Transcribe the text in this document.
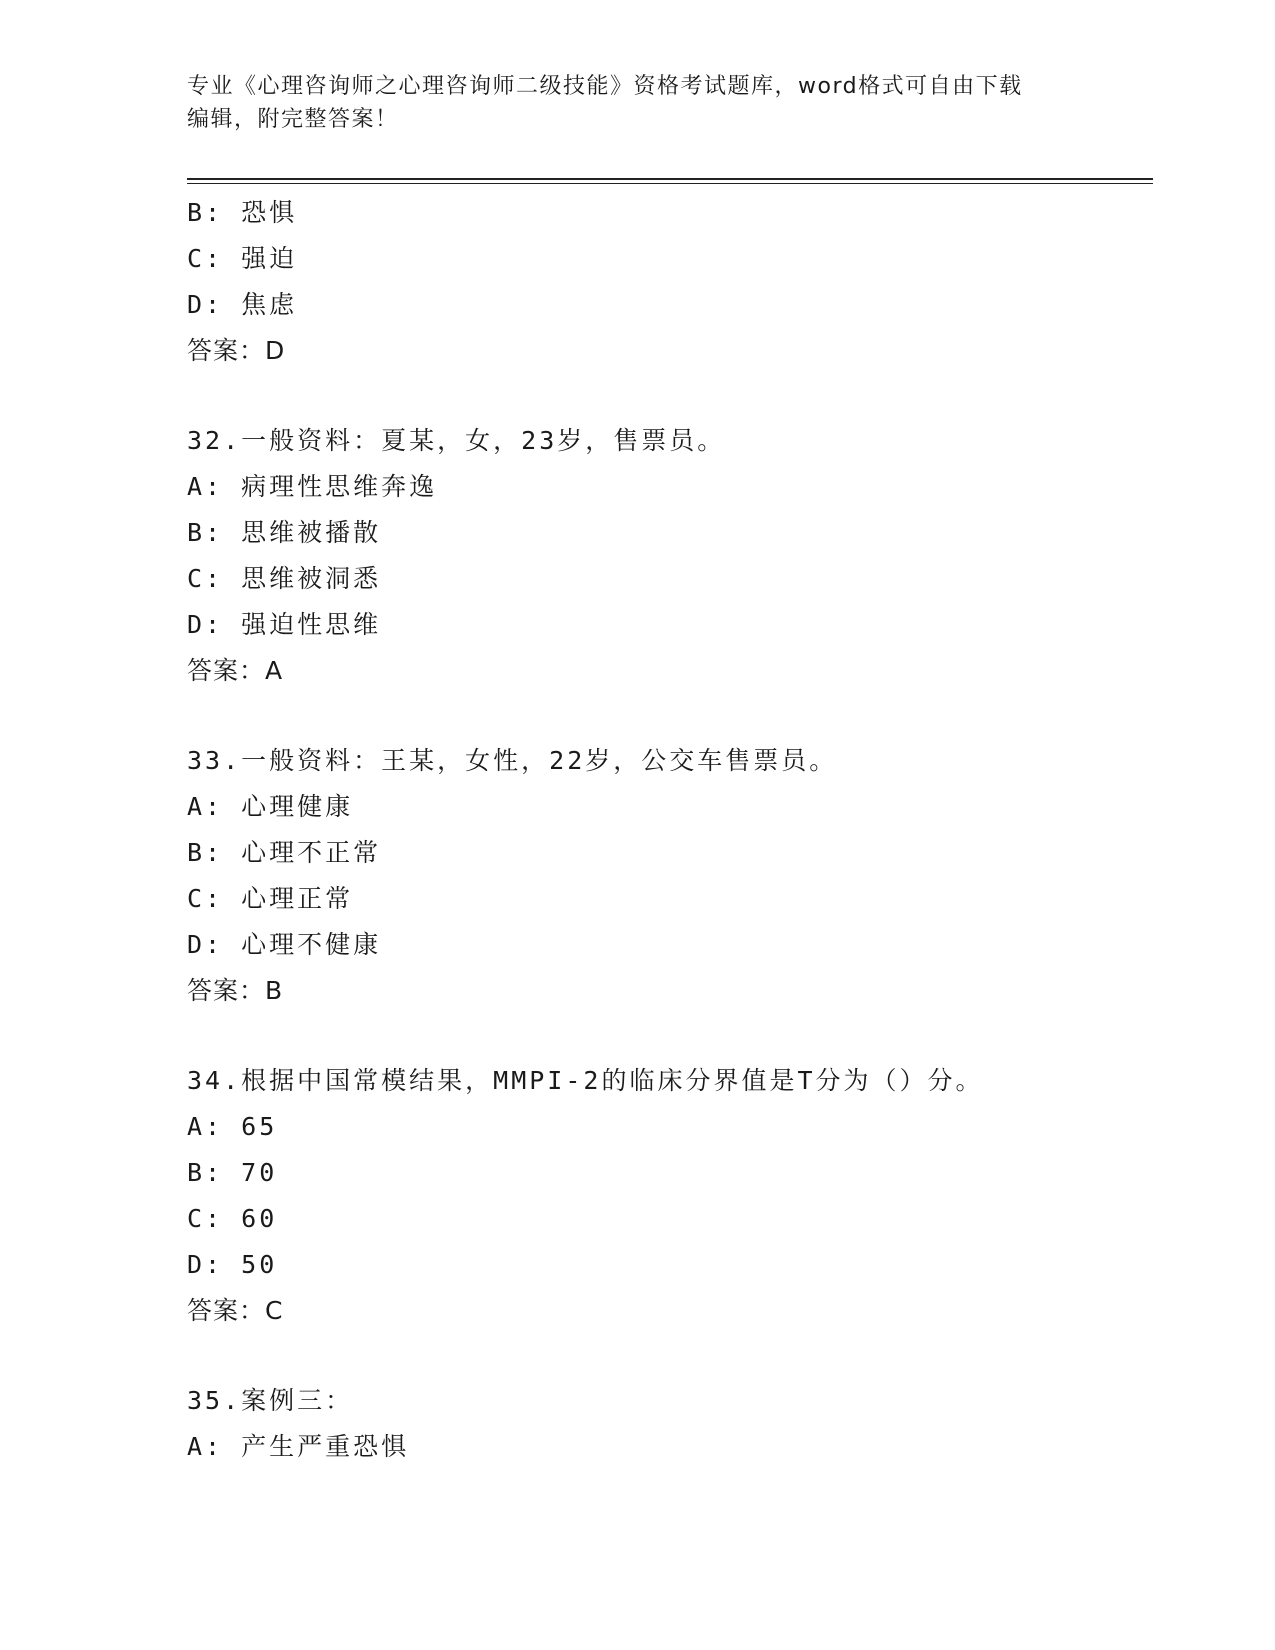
专业《心理咨询师之心理咨询师二级技能》资格考试题库，word格式可自由下载
编辑，附完整答案！
B: 恐惧
C: 强迫
D: 焦虑
答案：D
32.一般资料：夏某，女，23岁，售票员。
A: 病理性思维奔逸
B: 思维被播散
C: 思维被洞悉
D: 强迫性思维
答案：A
33.一般资料：王某，女性，22岁，公交车售票员。
A: 心理健康
B: 心理不正常
C: 心理正常
D: 心理不健康
答案：B
34.根据中国常模结果，MMPI-2的临床分界值是T分为（）分。
A: 65
B: 70
C: 60
D: 50
答案：C
35.案例三：
A: 产生严重恐惧
